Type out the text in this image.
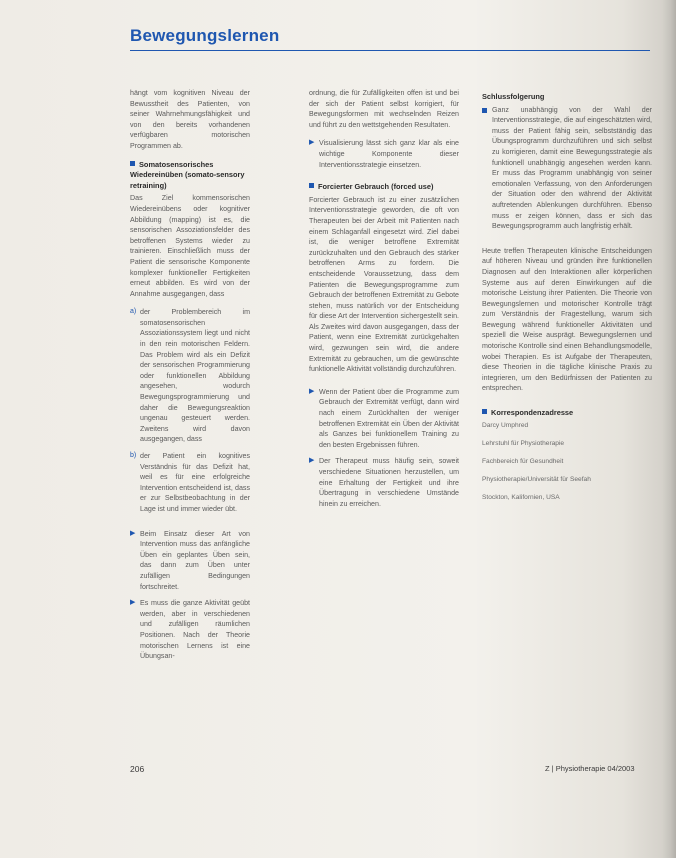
Bewegungslernen

hängt vom kognitiven Niveau der Bewusstheit des Patienten, von seiner Wahrnehmungsfähigkeit und von den bereits vorhandenen verfügbaren motorischen Programmen ab.

Somatosensorisches Wiedereinüben (somato-sensory retraining)

Das Ziel kommensorischen Wiedereinübens oder kognitiver Abbildung (mapping) ist es, die sensorischen Assoziationsfelder des betroffenen Systems wieder zu trainieren. Einschließlich muss der Patient die sensorische Komponente komplexer funktioneller Fertigkeiten erneut abbilden. Es wird von der Annahme ausgegangen, dass

a) der Problembereich im somatosensorischen Assoziationssystem liegt und nicht in den rein motorischen Feldern. Das Problem wird als ein Defizit der sensorischen Programmierung oder funktionellen Abbildung angesehen, wodurch Bewegungsprogrammierung und daher die Bewegungsreaktion ungenau gesteuert werden. Zweitens wird davon ausgegangen, dass
b) der Patient ein kognitives Verständnis für das Defizit hat, weil es für eine erfolgreiche Intervention entscheidend ist, dass er zur Selbstbeobachtung in der Lage ist und immer wieder übt.
▶ Beim Einsatz dieser Art von Intervention muss das anfängliche Üben ein geplantes Üben sein, das dann zum Üben unter zufälligen Bedingungen fortschreitet.
▶ Es muss die ganze Aktivität geübt werden, aber in verschiedenen und zufälligen räumlichen Positionen. Nach der Theorie motorischen Lernens ist eine Übungsan-

ordnung, die für Zufälligkeiten offen ist und bei der sich der Patient selbst korrigiert, für Bewegungsformen mit wechselnden Reizen und führt zu den wettstgehenden Resultaten.

▶ Visualisierung lässt sich ganz klar als eine wichtige Komponente dieser Interventionsstrategie einsetzen.
Forcierter Gebrauch (forced use)

Forcierter Gebrauch ist zu einer zusätzlichen Interventionsstrategie geworden, die oft von Therapeuten bei der Arbeit mit Patienten nach einem Schlaganfall eingesetzt wird. Ziel dabei ist, die weniger betroffene Extremität zurückzuhalten und den Gebrauch des stärker betroffenen Arms zu fordern. Die entscheidende Voraussetzung, dass dem Patienten die Bewegungsprogramme zum Gebrauch der betroffenen Extremität zu Gebote stehen, muss natürlich vor der Entscheidung für diese Art der Intervention sichergestellt sein. Als Zweites wird davon ausgegangen, dass der Patient, wenn eine Extremität zurückgehalten wird, gezwungen sein wird, die andere Extremität zu gebrauchen, um die gewünschte funktionelle Aktivität vollständig durchzuführen.

▶ Wenn der Patient über die Programme zum Gebrauch der Extremität verfügt, dann wird nach einem Zurückhalten der weniger betroffenen Extremität ein Üben der Aktivität als Ganzes bei funktionellem Training zu den besten Ergebnissen führen.
▶ Der Therapeut muss häufig sein, soweit verschiedene Situationen herzustellen, um eine Erhaltung der Fertigkeit und ihre Übertragung in verschiedene Umstände hinein zu erreichen.
Schlussfolgerung
Ganz unabhängig von der Wahl der Interventionsstrategie, die auf eingeschätzten wird, muss der Patient fähig sein, selbstständig das Übungsprogramm durchzuführen und sich selbst zu korrigieren, damit eine Bewegungsstrategie als funktionell unabhängig angesehen werden kann. Er muss das Programm unabhängig von seiner emotionalen Verfassung, von den Anforderungen der Situation oder den während der Aktivität auftretenden Ablenkungen durchführen. Ebenso muss er zeigen können, dass er sich das Bewegungsprogramm auch langfristig erhält.

Heute treffen Therapeuten klinische Entscheidungen auf höheren Niveau und gründen ihre funktionellen Diagnosen auf den Interaktionen aller körperlichen Systeme aus auf deren Einwirkungen auf die motorische Leistung ihrer Patienten. Die Theorie von Bewegungslernen und motorischer Kontrolle trägt zum Verständnis der Fragestellung, warum sich Bewegung während funktioneller Aktivitäten und speziell die Weise ausprägt. Bewegungslernen und motorische Kontrolle sind einen Behandlungsmodelle, wobei Therapien. Es ist Aufgabe der Therapeuten, diese Theorien in die tägliche klinische Praxis zu integrieren, um den Bedürfnissen der Patienten zu entsprechen.

Korrespondenzadresse

Darcy Umphred

Lehrstuhl für Physiotherapie

Fachbereich für Gesundheit

Physiotherapie/Universität für Seefah

Stockton, Kalifornien, USA

206	Z | Physiotherapie 04/2003
